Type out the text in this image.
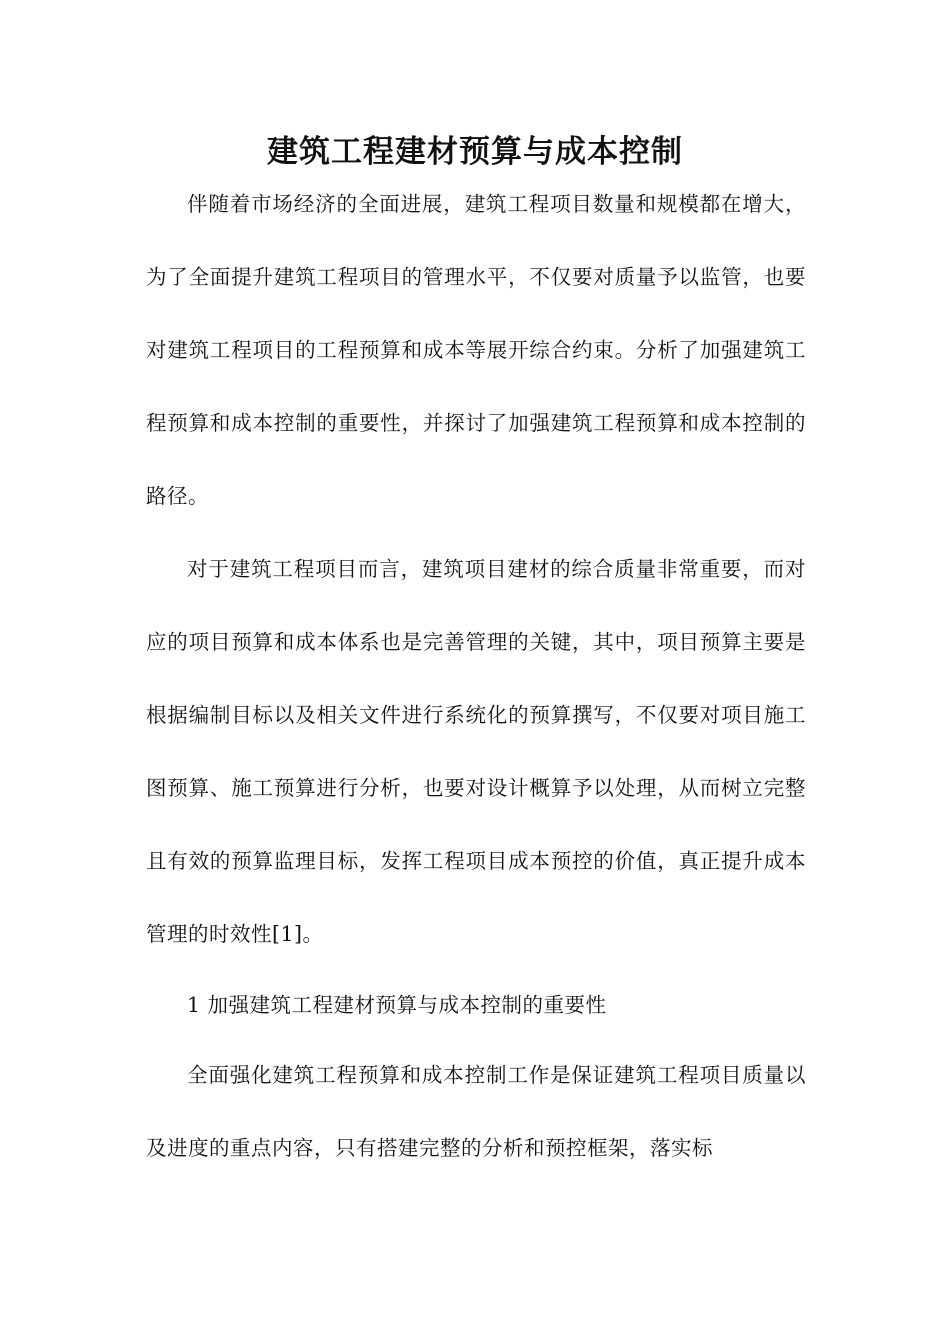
建筑工程建材预算与成本控制

伴随着市场经济的全面进展，建筑工程项目数量和规模都在增大，为了全面提升建筑工程项目的管理水平，不仅要对质量予以监管，也要对建筑工程项目的工程预算和成本等展开综合约束。分析了加强建筑工程预算和成本控制的重要性，并探讨了加强建筑工程预算和成本控制的路径。

对于建筑工程项目而言，建筑项目建材的综合质量非常重要，而对应的项目预算和成本体系也是完善管理的关键，其中，项目预算主要是根据编制目标以及相关文件进行系统化的预算撰写，不仅要对项目施工图预算、施工预算进行分析，也要对设计概算予以处理，从而树立完整且有效的预算监理目标，发挥工程项目成本预控的价值，真正提升成本管理的时效性[1]。

1 加强建筑工程建材预算与成本控制的重要性

全面强化建筑工程预算和成本控制工作是保证建筑工程项目质量以及进度的重点内容，只有搭建完整的分析和预控框架，落实标
